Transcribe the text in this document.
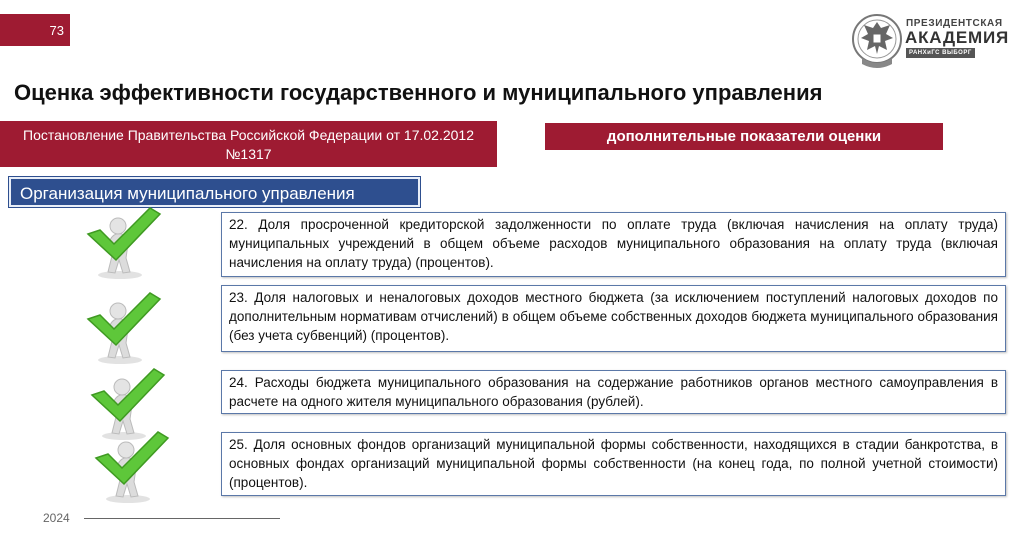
73	ПРЕЗИДЕНТСКАЯ
АКАДЕМИЯ
РАНХиГС ВЫБОРГ
Оценка эффективности государственного и муниципального управления
Постановление Правительства Российской Федерации от 17.02.2012 №1317
дополнительные показатели оценки
Организация муниципального управления
22. Доля просроченной кредиторской задолженности по оплате труда (включая начисления на оплату труда) муниципальных учреждений в общем объеме расходов муниципального образования на оплату труда (включая начисления на оплату труда) (процентов).
23. Доля налоговых и неналоговых доходов местного бюджета (за исключением поступлений налоговых доходов по дополнительным нормативам отчислений) в общем объеме собственных доходов бюджета муниципального образования (без учета субвенций) (процентов).
24. Расходы бюджета муниципального образования на содержание работников органов местного самоуправления в расчете на одного жителя муниципального образования (рублей).
25. Доля основных фондов организаций муниципальной формы собственности, находящихся в стадии банкротства, в основных фондах организаций муниципальной формы собственности (на конец года, по полной учетной стоимости) (процентов).
2024
